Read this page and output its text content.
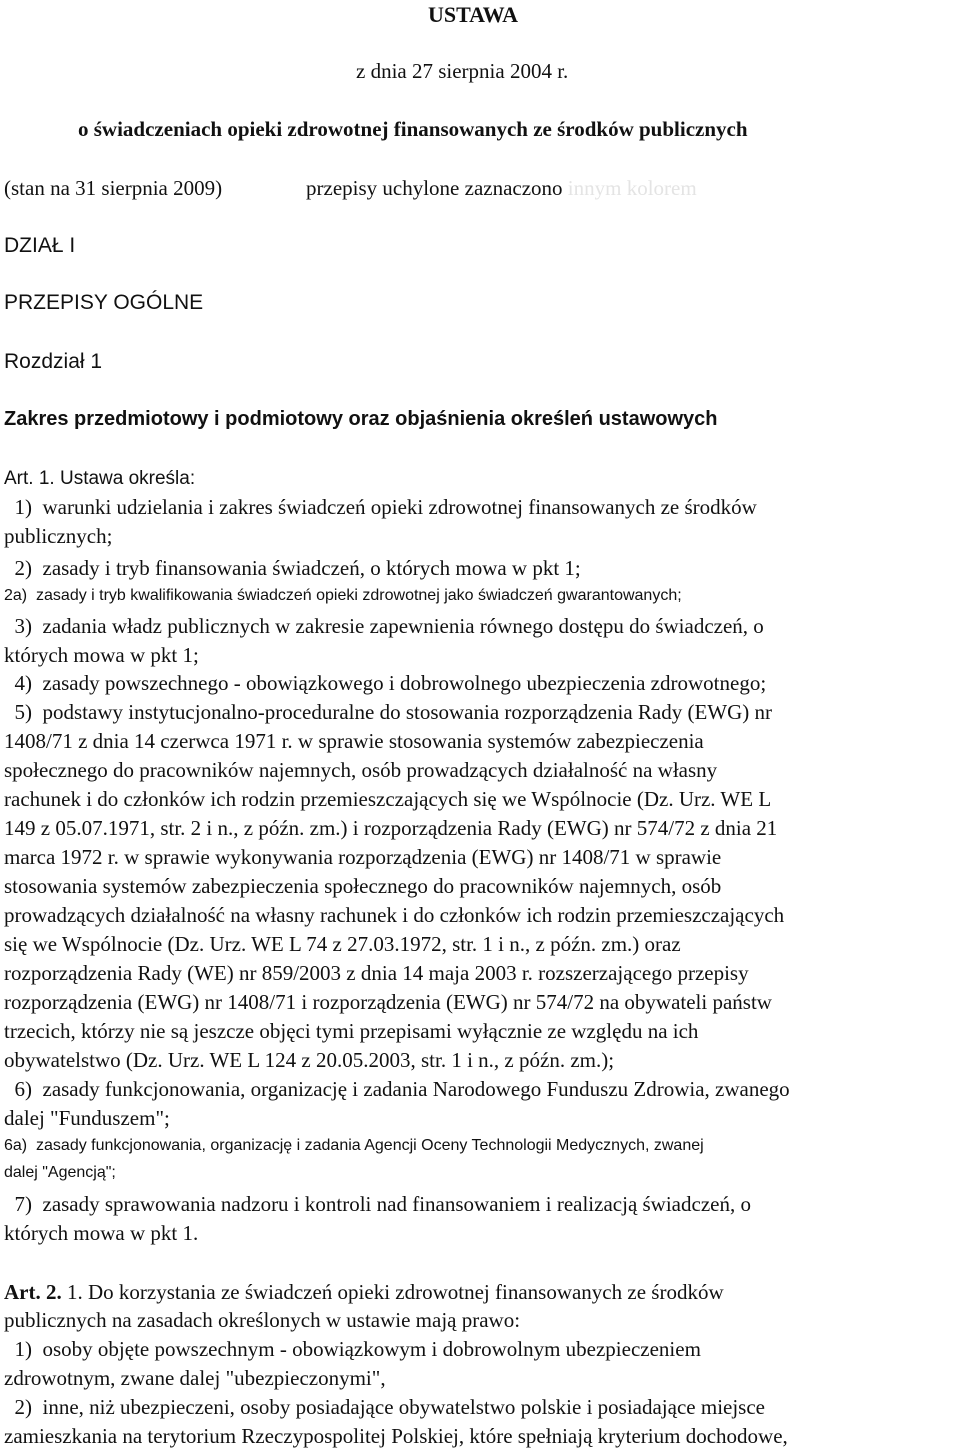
USTAWA
z dnia 27 sierpnia 2004 r.
o świadczeniach opieki zdrowotnej finansowanych ze środków publicznych
(stan na 31 sierpnia 2009)	przepisy uchylone zaznaczono innym kolorem
DZIAŁ I
PRZEPISY OGÓLNE
Rozdział 1
Zakres przedmiotowy i podmiotowy oraz objaśnienia określeń ustawowych
Art. 1. Ustawa określa:
1)  warunki udzielania i zakres świadczeń opieki zdrowotnej finansowanych ze środków
publicznych;
2)  zasady i tryb finansowania świadczeń, o których mowa w pkt 1;
2a)  zasady i tryb kwalifikowania świadczeń opieki zdrowotnej jako świadczeń gwarantowanych;
3)  zadania władz publicznych w zakresie zapewnienia równego dostępu do świadczeń, o
których mowa w pkt 1;
4)  zasady powszechnego - obowiązkowego i dobrowolnego ubezpieczenia zdrowotnego;
5)  podstawy instytucjonalno-proceduralne do stosowania rozporządzenia Rady (EWG) nr
1408/71 z dnia 14 czerwca 1971 r. w sprawie stosowania systemów zabezpieczenia
społecznego do pracowników najemnych, osób prowadzących działalność na własny
rachunek i do członków ich rodzin przemieszczających się we Wspólnocie (Dz. Urz. WE L
149 z 05.07.1971, str. 2 i n., z późn. zm.) i rozporządzenia Rady (EWG) nr 574/72 z dnia 21
marca 1972 r. w sprawie wykonywania rozporządzenia (EWG) nr 1408/71 w sprawie
stosowania systemów zabezpieczenia społecznego do pracowników najemnych, osób
prowadzących działalność na własny rachunek i do członków ich rodzin przemieszczających
się we Wspólnocie (Dz. Urz. WE L 74 z 27.03.1972, str. 1 i n., z późn. zm.) oraz
rozporządzenia Rady (WE) nr 859/2003 z dnia 14 maja 2003 r. rozszerzającego przepisy
rozporządzenia (EWG) nr 1408/71 i rozporządzenia (EWG) nr 574/72 na obywateli państw
trzecich, którzy nie są jeszcze objęci tymi przepisami wyłącznie ze względu na ich
obywatelstwo (Dz. Urz. WE L 124 z 20.05.2003, str. 1 i n., z późn. zm.);
6)  zasady funkcjonowania, organizację i zadania Narodowego Funduszu Zdrowia, zwanego
dalej "Funduszem";
6a)  zasady funkcjonowania, organizację i zadania Agencji Oceny Technologii Medycznych, zwanej
dalej "Agencją";
7)  zasady sprawowania nadzoru i kontroli nad finansowaniem i realizacją świadczeń, o
których mowa w pkt 1.
Art. 2. 1. Do korzystania ze świadczeń opieki zdrowotnej finansowanych ze środków
publicznych na zasadach określonych w ustawie mają prawo:
1)  osoby objęte powszechnym - obowiązkowym i dobrowolnym ubezpieczeniem
zdrowotnym, zwane dalej "ubezpieczonymi",
2)  inne, niż ubezpieczeni, osoby posiadające obywatelstwo polskie i posiadające miejsce
zamieszkania na terytorium Rzeczypospolitej Polskiej, które spełniają kryterium dochodowe,
